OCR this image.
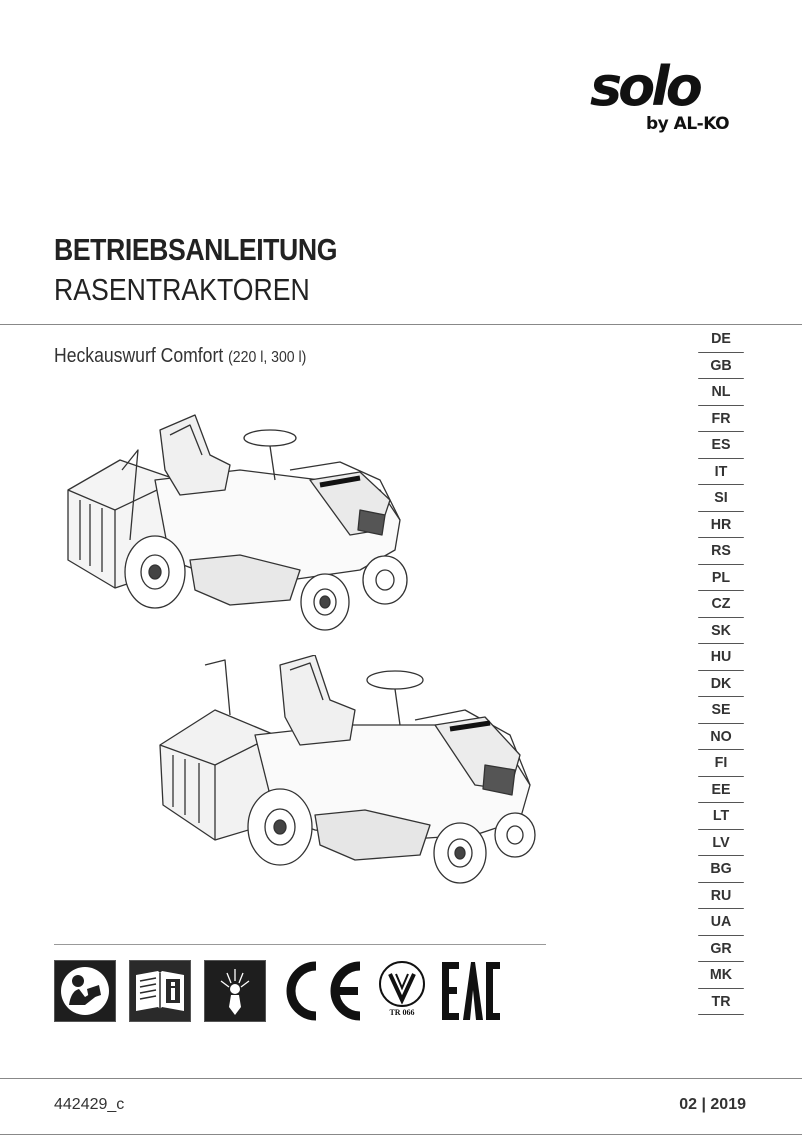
solo
by AL-KO
BETRIEBSANLEITUNG
RASENTRAKTOREN
Heckauswurf Comfort (220 l, 300 l)
DE
GB
NL
FR
ES
IT
SI
HR
RS
PL
CZ
SK
HU
DK
SE
NO
FI
EE
LT
LV
BG
RU
UA
GR
MK
TR
TR 066
442429_c	02 | 2019
